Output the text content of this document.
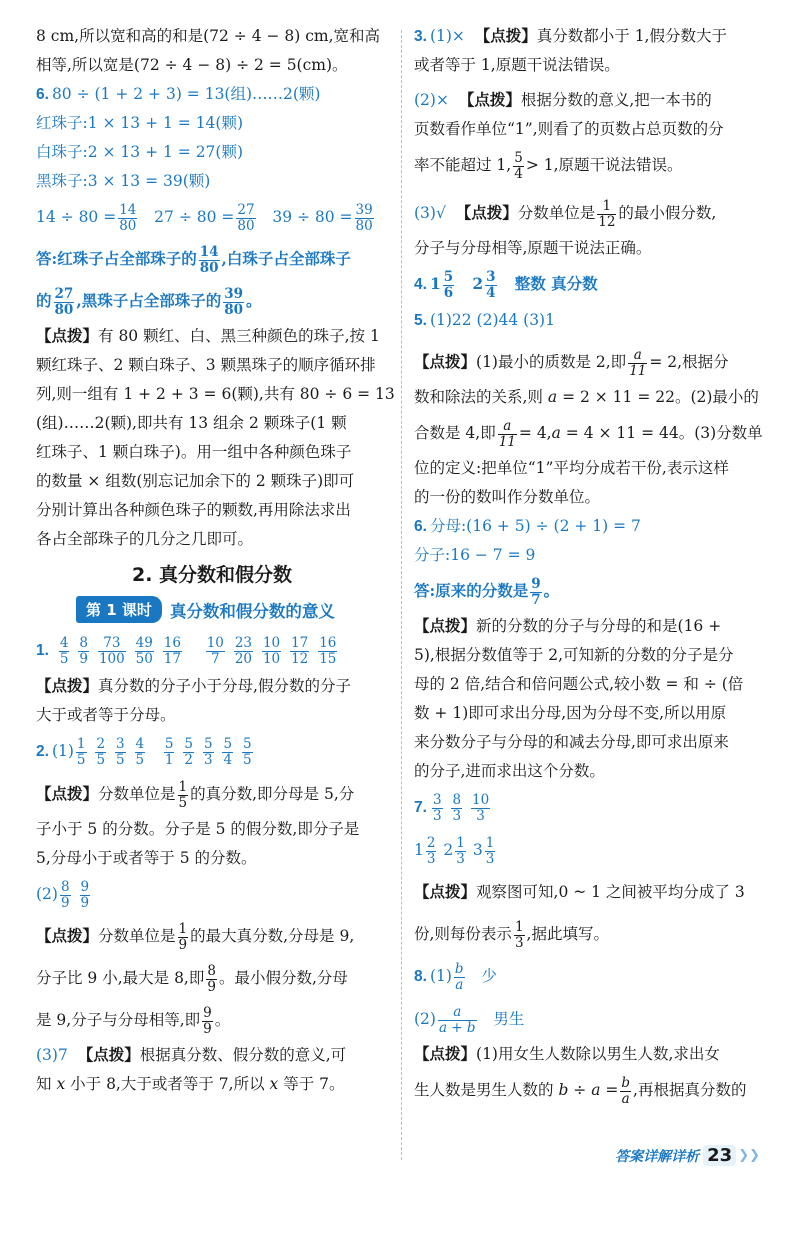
8 cm,所以宽和高的和是(72 ÷ 4 − 8) cm,宽和高
相等,所以宽是(72 ÷ 4 − 8) ÷ 2 = 5(cm)。
6. 80 ÷ (1 + 2 + 3) = 13(组)……2(颗)
红珠子:1 × 13 + 1 = 14(颗)
白珠子:2 × 13 + 1 = 27(颗)
黑珠子:3 × 13 = 39(颗)
$14 \div 80 = \frac{14}{80} 27 \div 80 = \frac{27}{80} 39 \div 80 = \frac{39}{80}$
答:红珠子占全部珠子的 $\frac{14}{80}$ ,白珠子占全部珠子
的 $\frac{27}{80}$ ,黑珠子占全部珠子的 $\frac{39}{80}$ 。
【点拨】有 80 颗红、白、黑三种颜色的珠子,按 1
颗红珠子、2 颗白珠子、3 颗黑珠子的顺序循环排
列,则一组有 1 + 2 + 3 = 6(颗),共有 80 ÷ 6 = 13
(组)……2(颗),即共有 13 组余 2 颗珠子(1 颗
红珠子、1 颗白珠子)。用一组中各种颜色珠子
的数量 × 组数(别忘记加余下的 2 颗珠子)即可
分别计算出各种颜色珠子的颗数,再用除法求出
各占全部珠子的几分之几即可。
2. 真分数和假分数
第 1 课时	真分数和假分数的意义
1. $\frac{4}{5}$
$\frac{8}{9}$
$\frac{73}{100}$
$\frac{49}{50}$
$\frac{16}{17}$
$\frac{10}{7}$
$\frac{23}{20}$
$\frac{10}{10}$
$\frac{17}{12}$
$\frac{16}{15}$
【点拨】真分数的分子小于分母,假分数的分子
大于或者等于分母。
2. $(1) \frac{1}{5}$
$\frac{2}{5}$
$\frac{3}{5}$
$\frac{4}{5}$
$\frac{5}{1}$
$\frac{5}{2}$
$\frac{5}{3}$
$\frac{5}{4}$
$\frac{5}{5}$
【点拨】分数单位是 $\frac{1}{5}$ 的真分数,即分母是 5,分
子小于 5 的分数。分子是 5 的假分数,即分子是
5,分母小于或者等于 5 的分数。
$(2) \frac{8}{9}$
$\frac{9}{9}$
【点拨】分数单位是 $\frac{1}{9}$ 的最大真分数,分母是 9,
分子比 9 小,最大是 8,即 $\frac{8}{9}$ 。最小假分数,分母
是 9,分子与分母相等,即 $\frac{9}{9}$ 。
(3)7 【点拨】根据真分数、假分数的意义,可
知 x 小于 8,大于或者等于 7,所以 x 等于 7。
3. (1)× 【点拨】真分数都小于 1,假分数大于
或者等于 1,原题干说法错误。
(2)× 【点拨】根据分数的意义,把一本书的
页数看作单位“1”,则看了的页数占总页数的分
率不能超过 1, $\frac{5}{4} > 1$,原题干说法错误。
(3)√ 【点拨】分数单位是 $\frac{1}{12}$ 的最小假分数,
分子与分母相等,原题干说法正确。
4. $1 \frac{5}{6} 2 \frac{3}{4}$ 整数 真分数
5. (1)22 (2)44 (3)1
【点拨】(1)最小的质数是 2,即 $\frac{a}{11} = 2$,根据分
数和除法的关系,则 a = 2 × 11 = 22。(2)最小的
合数是 4,即 $\frac{a}{11} = 4,a = 4 \times 11 = 44$。(3)分数单
位的定义:把单位“1”平均分成若干份,表示这样
的一份的数叫作分数单位。
6. 分母:(16 + 5) ÷ (2 + 1) = 7
分子:16 − 7 = 9
答:原来的分数是 $\frac{9}{7}$ 。
【点拨】新的分数的分子与分母的和是(16 +
5),根据分数值等于 2,可知新的分数的分子是分
母的 2 倍,结合和倍问题公式,较小数 = 和 ÷ (倍
数 + 1)即可求出分母,因为分母不变,所以用原
来分数分子与分母的和减去分母,即可求出原来
的分子,进而求出这个分数。
7. $\frac{3}{3}$
$\frac{8}{3}$
$\frac{10}{3}$
$1 \frac{2}{3} 2 \frac{1}{3} 3 \frac{1}{3}$
【点拨】观察图可知,0 ~ 1 之间被平均分成了 3
份,则每份表示 $\frac{1}{3}$ ,据此填写。
8. $(1) \frac{b}{a}$ 少
$(2) \frac{a}{a + b}$ 男生
【点拨】(1)用女生人数除以男生人数,求出女
生人数是男生人数的 $b \div a = \frac{b}{a}$ ,再根据真分数的
答案详解详析 23 ❯❯
